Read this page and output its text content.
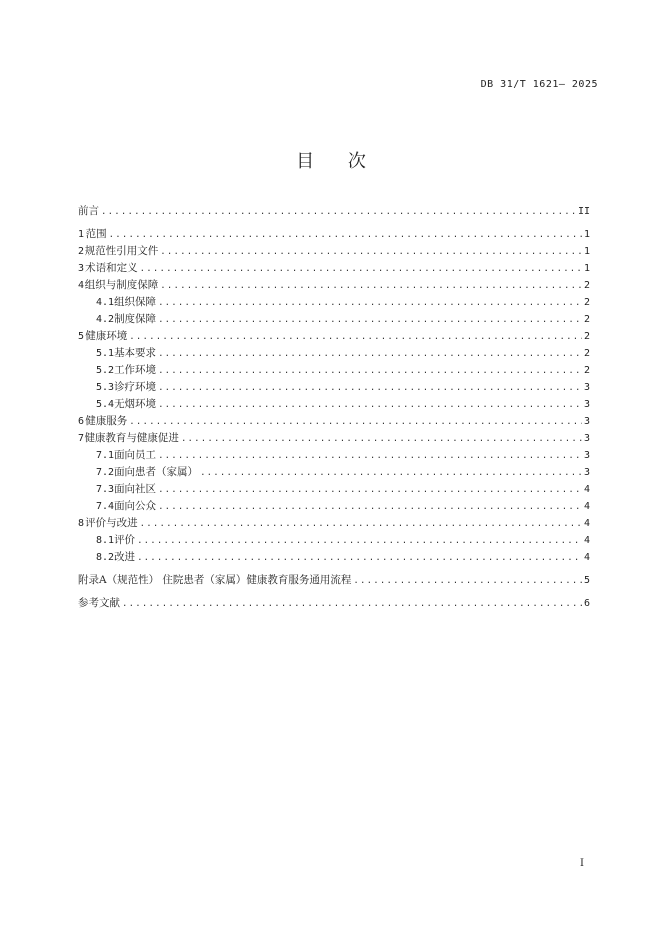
DB 31/T 1621— 2025
目 次
前言 .....	II
1 范围 .....	1
2 规范性引用文件 .....	1
3 术语和定义 .....	1
4 组织与制度保障 .....	2
4.1 组织保障 .....	2
4.2 制度保障 .....	2
5 健康环境 .....	2
5.1 基本要求 .....	2
5.2 工作环境 .....	2
5.3 诊疗环境 .....	3
5.4 无烟环境 .....	3
6 健康服务 .....	3
7 健康教育与健康促进 .....	3
7.1 面向员工 .....	3
7.2 面向患者（家属） .....	3
7.3 面向社区 .....	4
7.4 面向公众 .....	4
8 评价与改进 .....	4
8.1 评价 .....	4
8.2 改进 .....	4
附录A（规范性） 住院患者（家属）健康教育服务通用流程 .....	5
参考文献 .....	6
I
